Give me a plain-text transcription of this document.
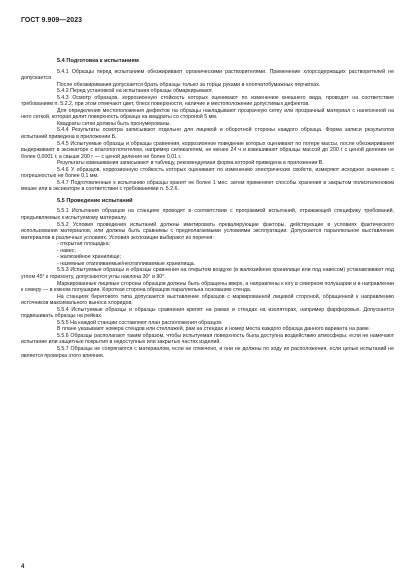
ГОСТ 9.909—2023
5.4 Подготовка к испытаниям

5.4.1 Образцы перед испытанием обезжиривают органическими растворителями. Применение хлорсодержащих растворителей не допускается.

После обезжиривания допускается брать образцы только за торцы руками в хлопчатобумажных перчатках.

5.4.2 Перед установкой на испытания образцы обмаркирывают.

5.4.3 Осмотр образцов, коррозионную стойкость которых оценивают по изменению внешнего вида, проводят на соответствие требованиям п. 5.2.2, при этом отмечают цвет, блеск поверхности, наличие и местоположение допустимых дефектов.

Для определения местоположения дефектов на образцы накладывают прозрачную сетку или прозрачный материал с нанесенной на него сеткой, которая делит поверхность образца на квадраты со стороной 5 мм.

Квадраты сетки должны быть пронумерованы.

5.4.4 Результаты осмотра записывают отдельно для лицевой и оборотной стороны каждого образца. Форма записи результатов испытаний приведена в приложении Б.

5.4.5 Испытуемые образцы и образцы сравнения, коррозионное поведение которых оценивают по потере массы, после обезжиривания выдерживают в эксикаторе с влагопоглотителем, например силикагелем, не менее 24 ч и взвешивают образцы массой до 200 г с ценой деления не более 0,0001 г, а свыше 200 г — с ценой деления не более 0,01 г.

Результаты взвешивания записывают в таблицу, рекомендуемая форма которой приведена в приложении В.

5.4.6 У образцов, коррозионную стойкость которых оценивают по изменению электрических свойств, измеряют исходное значение с погрешностью не более 0,1 мм.

5.4.7 Подготовленные к испытанию образцы хранят не более 1 мес. затем применяют способы хранения в закрытом полиэтиленовом мешке или в эксикаторе в соответствии с требованиями п. 5.2.6.

5.5 Проведение испытаний

5.5.1 Испытания образцов на станциях проводят в соответствии с программой испытаний, отражающей специфику требований, предъявляемых к испытуемому материалу.

5.5.2 Условия проведения испытаний должны имитировать превалирующие факторы, действующие в условиях фактического использования материалов, или должны быть сравнимы с предполагаемыми условиями эксплуатации. Допускается параллельное выставление материалов в различных условиях. Условия экспозиции выбирают из перечня:

- открытая площадка;
- навес;
- жалюзийное хранилище;
- наземные отапливаемые/неотапливаемые хранилища.

5.5.3 Испытуемые образцы и образцы сравнения на открытом воздухе (в жалюзийном хранилище или под навесом) устанавливают под углом 45° к горизонту, допускаются углы наклона 30° и 90°.

Маркированные лицевые стороны образцов должны быть обращены вверх, а направлены к югу в северном полушарии и в направлении к северу — в южном полушарии. Короткая сторона образцов параллельна основанию стенда.

На станциях берегового типа допускается выставление образцов с маркированной лицевой стороной, обращенной к направлению источников максимального выноса хлоридов.

5.5.4 Испытуемые образцы и образцы сравнения крепят на рамах и стендах на изоляторах, например фарфоровых. Допускается подвешивать образцы на рейках.

5.5.5 На каждой станции составляют план расположения образцов.

В плане указывают номера стендов или стеллажей, рам на стендах и номер места каждого образца данного варианта на раме.

5.5.6 Образцы располагают таким образом, чтобы испытуемая поверхность была доступна воздействию атмосферы, если не намечают испытание или защитные покрытия в недоступных или закрытых частях изделий.

5.5.7 Образцы не сопрягаются с материалом, если не отмечено, и они не должны по ходу их расположения, если целью испытаний не является проверка этого влияния.

4
